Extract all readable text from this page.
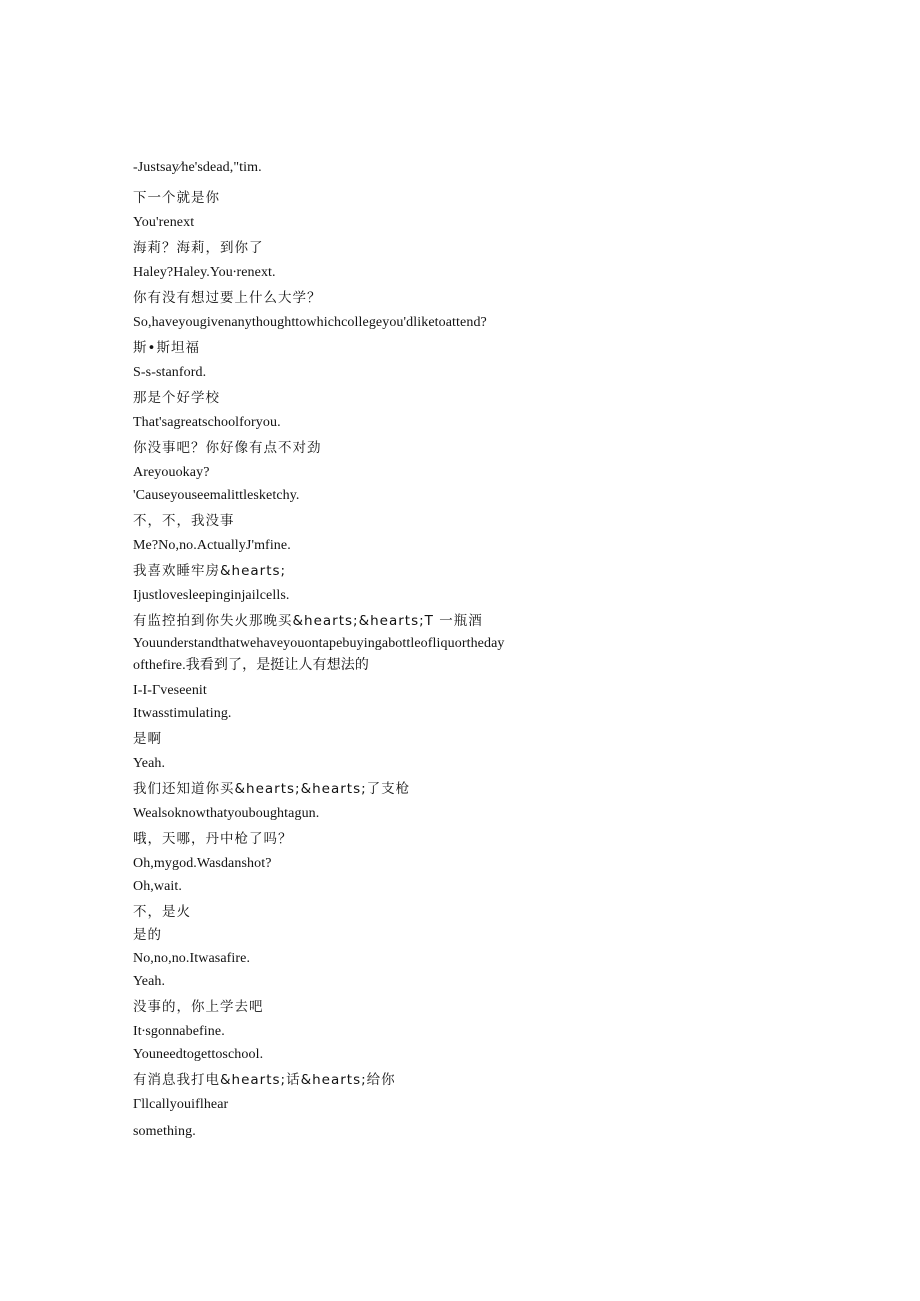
-Justsay∕he'sdead,"tim.
下一个就是你
You'renext
海莉？海莉，到你了
Haley?Haley.You∙renext.
你有没有想过要上什么大学？
So,haveyougivenanythoughttowhichcollegeyou'dliketoattend?
斯•斯坦福
S-s-stanford.
那是个好学校
That'sagreatschoolforyou.
你没事吧？你好像有点不对劲
Areyouokay?
'Causeyouseemalittlesketchy.
不，不，我没事
Me?No,no.ActuallyJ'mfine.
我喜欢睡牢房&hearts;
Ijustlovesleepinginjailcells.
有监控拍到你失火那晚买&hearts;&hearts;T 一瓶酒
Youunderstandthatwehaveyouontapebuyingabottleofliquortheday
ofthefire.我看到了，是挺让人有想法的
I-I-Γveseenit
Itwasstimulating.
是啊
Yeah.
我们还知道你买&hearts;&hearts;了支枪
Wealsoknowthatyouboughtagun.
哦，天哪，丹中枪了吗？
Oh,mygod.Wasdanshot?
Oh,wait.
不，是火
是的
No,no,no.Itwasafire.
Yeah.
没事的，你上学去吧
It∙sgonnabefine.
Youneedtogettoschool.
有消息我打电&hearts;话&hearts;给你
Γllcallyouiflhear
something.
